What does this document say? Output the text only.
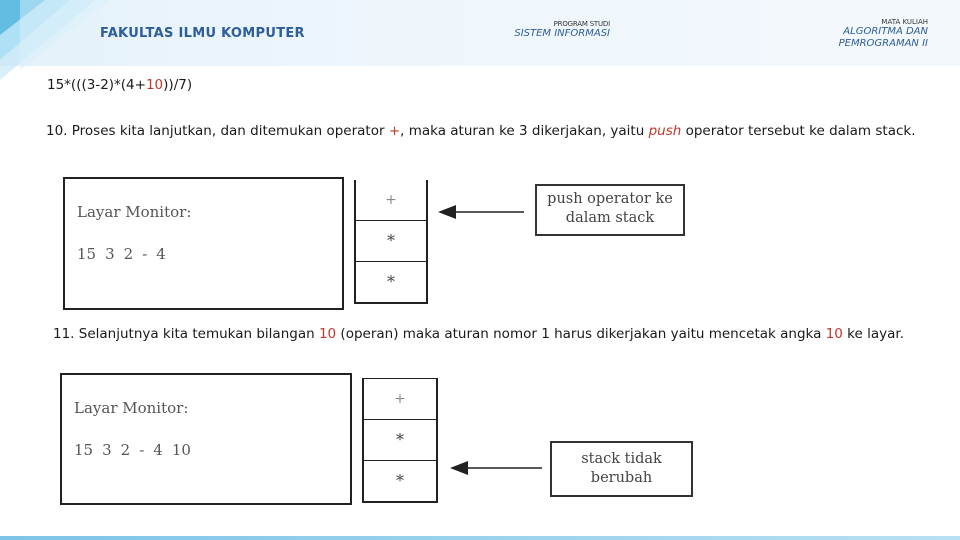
FAKULTAS ILMU KOMPUTER
PROGRAM STUDI
SISTEM INFORMASI
MATA KULIAH
ALGORITMA DAN
PEMROGRAMAN II
15*(((3-2)*(4+10))/7)
10. Proses kita lanjutkan, dan ditemukan operator +, maka aturan ke 3 dikerjakan, yaitu push operator tersebut ke dalam stack.
Layar Monitor:
15 3 2 - 4
+
*
*
push operator ke
dalam stack
11. Selanjutnya kita temukan bilangan 10 (operan) maka aturan nomor 1 harus dikerjakan yaitu mencetak angka 10 ke layar.
Layar Monitor:
15 3 2 - 4 10
+
*
*
stack tidak
berubah
